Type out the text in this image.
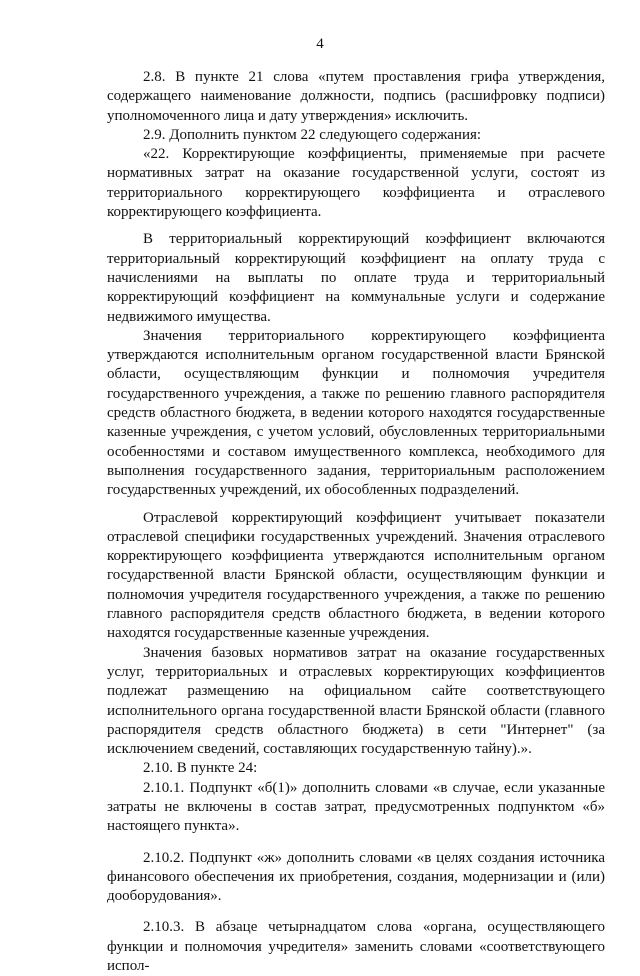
4

2.8. В пункте 21 слова «путем проставления грифа утверждения, содержащего наименование должности, подпись (расшифровку подписи) уполномоченного лица и дату утверждения» исключить.

2.9. Дополнить пунктом 22 следующего содержания:

«22. Корректирующие коэффициенты, применяемые при расчете нормативных затрат на оказание государственной услуги, состоят из территориального корректирующего коэффициента и отраслевого корректирующего коэффициента.

В территориальный корректирующий коэффициент включаются территориальный корректирующий коэффициент на оплату труда с начислениями на выплаты по оплате труда и территориальный корректирующий коэффициент на коммунальные услуги и содержание недвижимого имущества.

Значения территориального корректирующего коэффициента утверждаются исполнительным органом государственной власти Брянской области, осуществляющим функции и полномочия учредителя государственного учреждения, а также по решению главного распорядителя средств областного бюджета, в ведении которого находятся государственные казенные учреждения, с учетом условий, обусловленных территориальными особенностями и составом имущественного комплекса, необходимого для выполнения государственного задания, территориальным расположением государственных учреждений, их обособленных подразделений.

Отраслевой корректирующий коэффициент учитывает показатели отраслевой специфики государственных учреждений. Значения отраслевого корректирующего коэффициента утверждаются исполнительным органом государственной власти Брянской области, осуществляющим функции и полномочия учредителя государственного учреждения, а также по решению главного распорядителя средств областного бюджета, в ведении которого находятся государственные казенные учреждения.

Значения базовых нормативов затрат на оказание государственных услуг, территориальных и отраслевых корректирующих коэффициентов подлежат размещению на официальном сайте соответствующего исполнительного органа государственной власти Брянской области (главного распорядителя средств областного бюджета) в сети "Интернет" (за исключением сведений, составляющих государственную тайну).».

2.10. В пункте 24:

2.10.1. Подпункт «б(1)» дополнить словами «в случае, если указанные затраты не включены в состав затрат, предусмотренных подпунктом «б» настоящего пункта».

2.10.2. Подпункт «ж» дополнить словами «в целях создания источника финансового обеспечения их приобретения, создания, модернизации и (или) дооборудования».

2.10.3. В абзаце четырнадцатом слова «органа, осуществляющего функции и полномочия учредителя» заменить словами «соответствующего испол-
